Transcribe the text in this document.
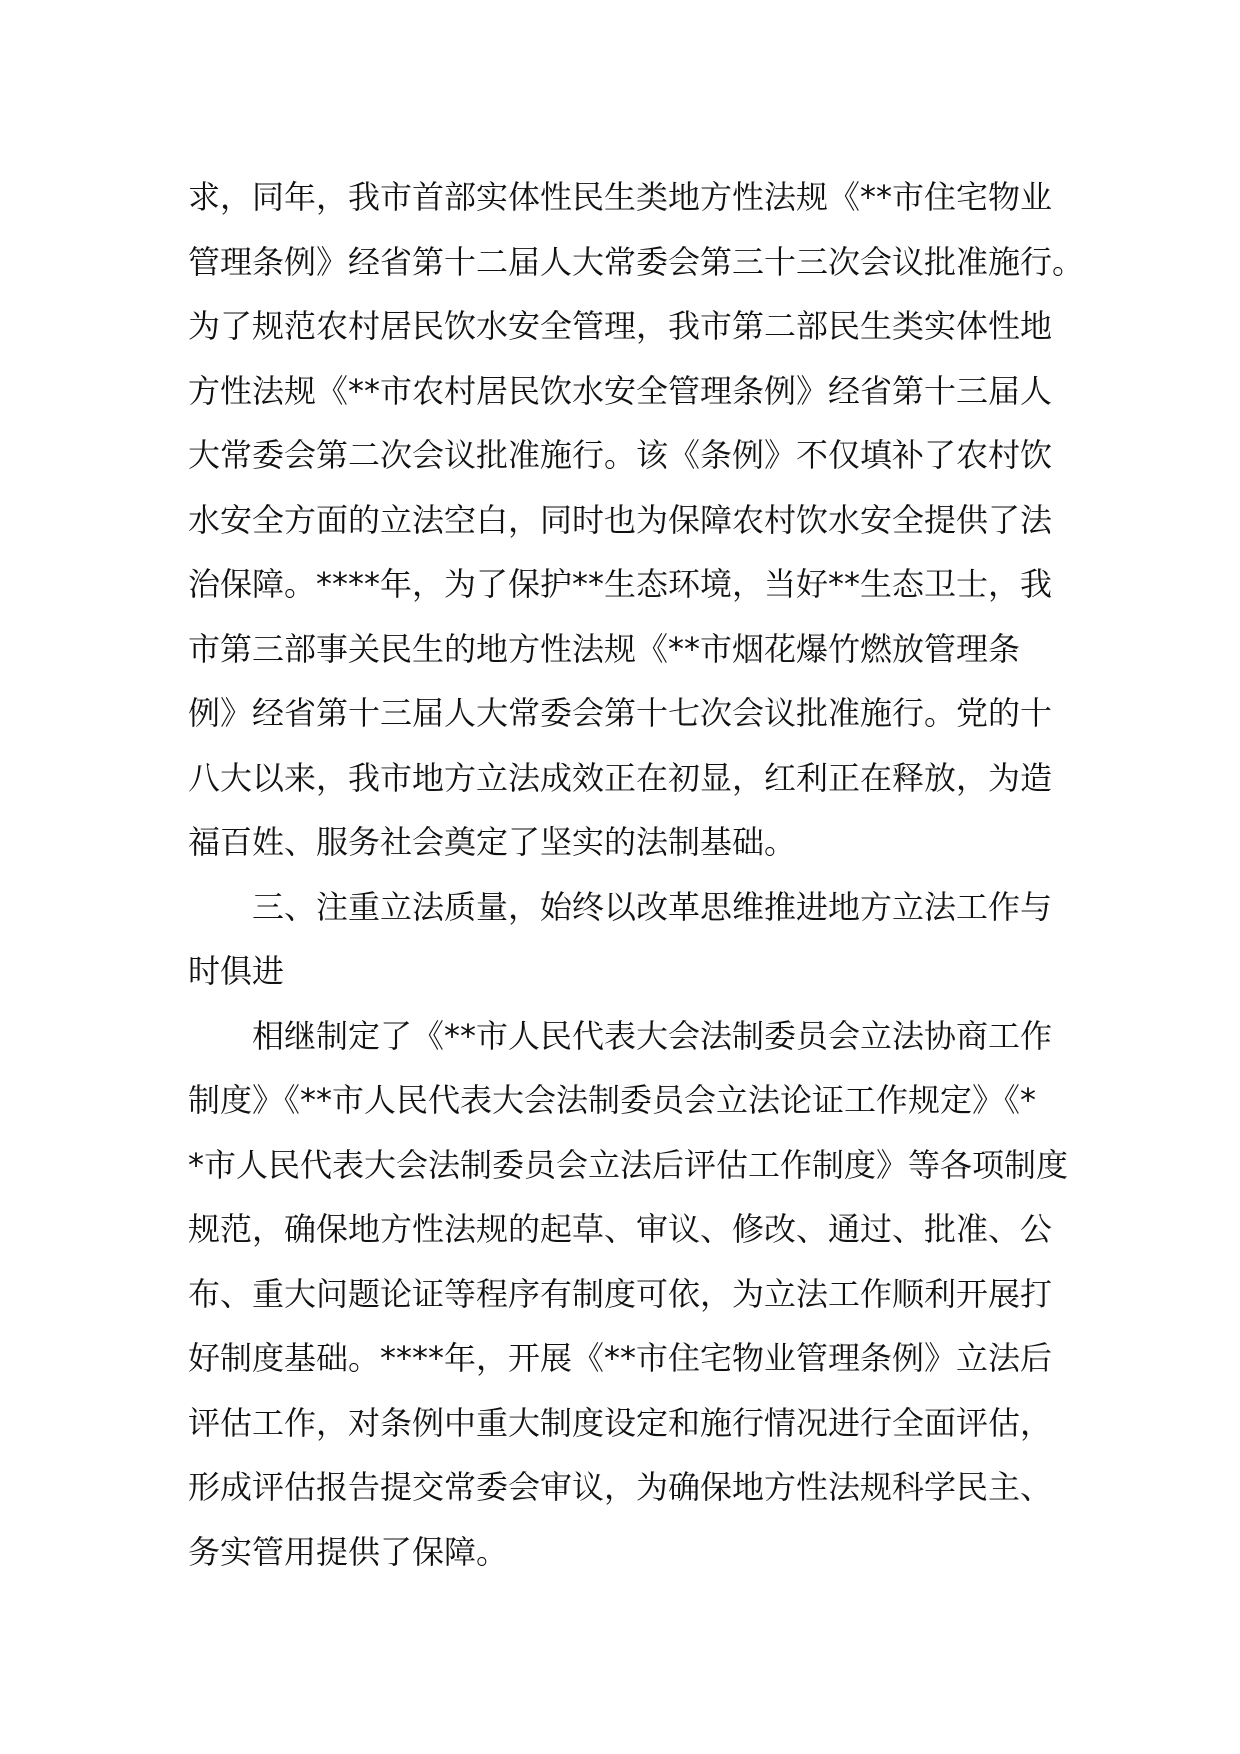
求，同年，我市首部实体性民生类地方性法规《**市住宅物业
管理条例》经省第十二届人大常委会第三十三次会议批准施行。
为了规范农村居民饮水安全管理，我市第二部民生类实体性地
方性法规《**市农村居民饮水安全管理条例》经省第十三届人
大常委会第二次会议批准施行。该《条例》不仅填补了农村饮
水安全方面的立法空白，同时也为保障农村饮水安全提供了法
治保障。****年，为了保护**生态环境，当好**生态卫士，我
市第三部事关民生的地方性法规《**市烟花爆竹燃放管理条
例》经省第十三届人大常委会第十七次会议批准施行。党的十
八大以来，我市地方立法成效正在初显，红利正在释放，为造
福百姓、服务社会奠定了坚实的法制基础。
三、注重立法质量，始终以改革思维推进地方立法工作与
时俱进
相继制定了《**市人民代表大会法制委员会立法协商工作
制度》《**市人民代表大会法制委员会立法论证工作规定》《*
*市人民代表大会法制委员会立法后评估工作制度》等各项制度
规范，确保地方性法规的起草、审议、修改、通过、批准、公
布、重大问题论证等程序有制度可依，为立法工作顺利开展打
好制度基础。****年，开展《**市住宅物业管理条例》立法后
评估工作，对条例中重大制度设定和施行情况进行全面评估，
形成评估报告提交常委会审议，为确保地方性法规科学民主、
务实管用提供了保障。
